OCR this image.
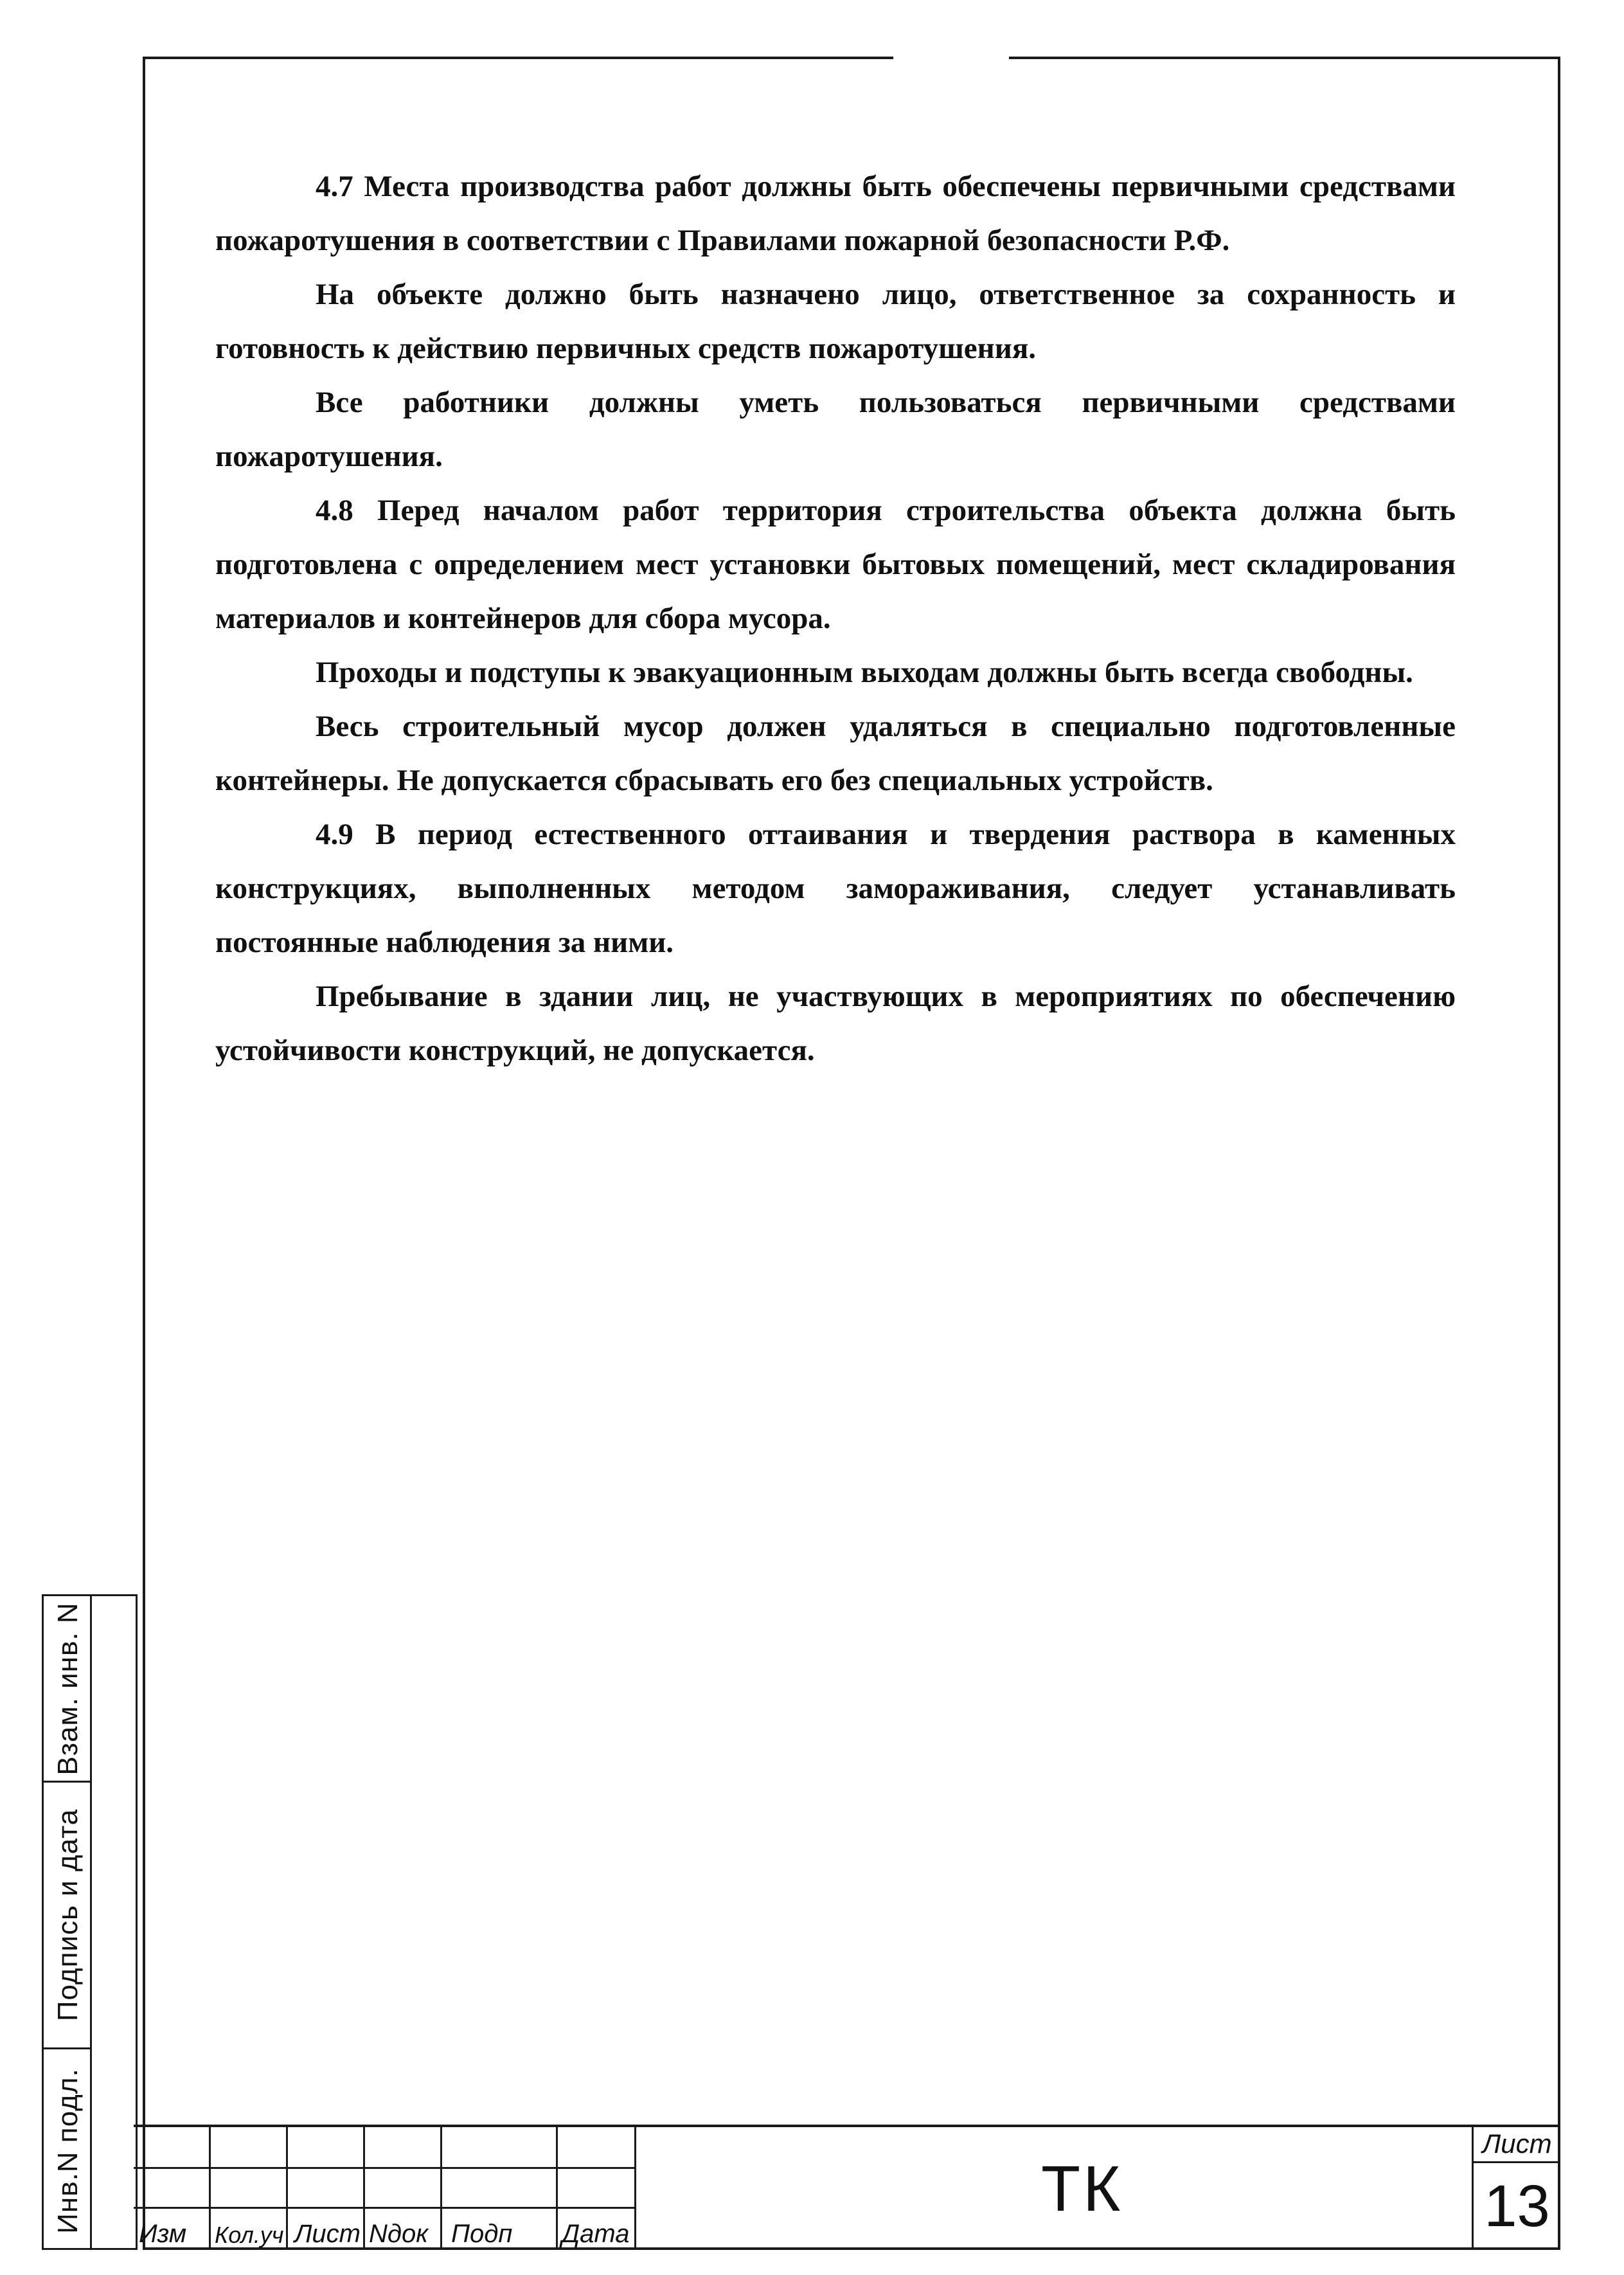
4.7 Места производства работ должны быть обеспечены первичными средствами пожаротушения в соответствии с Правилами пожарной безопасности Р.Ф.

На объекте должно быть назначено лицо, ответственное за сохранность и готовность к действию первичных средств пожаротушения.

Все работники должны уметь пользоваться первичными средствами пожаротушения.

4.8 Перед началом работ территория строительства объекта должна быть подготовлена с определением мест установки бытовых помещений, мест складирования материалов и контейнеров для сбора мусора.

Проходы и подступы к эвакуационным выходам должны быть всегда свободны.

Весь строительный мусор должен удаляться в специально подготовленные контейнеры. Не допускается сбрасывать его без специальных устройств.

4.9 В период естественного оттаивания и твердения раствора в каменных конструкциях, выполненных методом замораживания, следует устанавливать постоянные наблюдения за ними.

Пребывание в здании лиц, не участвующих в мероприятиях по обеспечению устойчивости конструкций, не допускается.

Взам. инв. N
Подпись и дата
Инв.N подл.
Изм Кол.уч Лист Nдок Подп Дата
ТК
Лист
13
